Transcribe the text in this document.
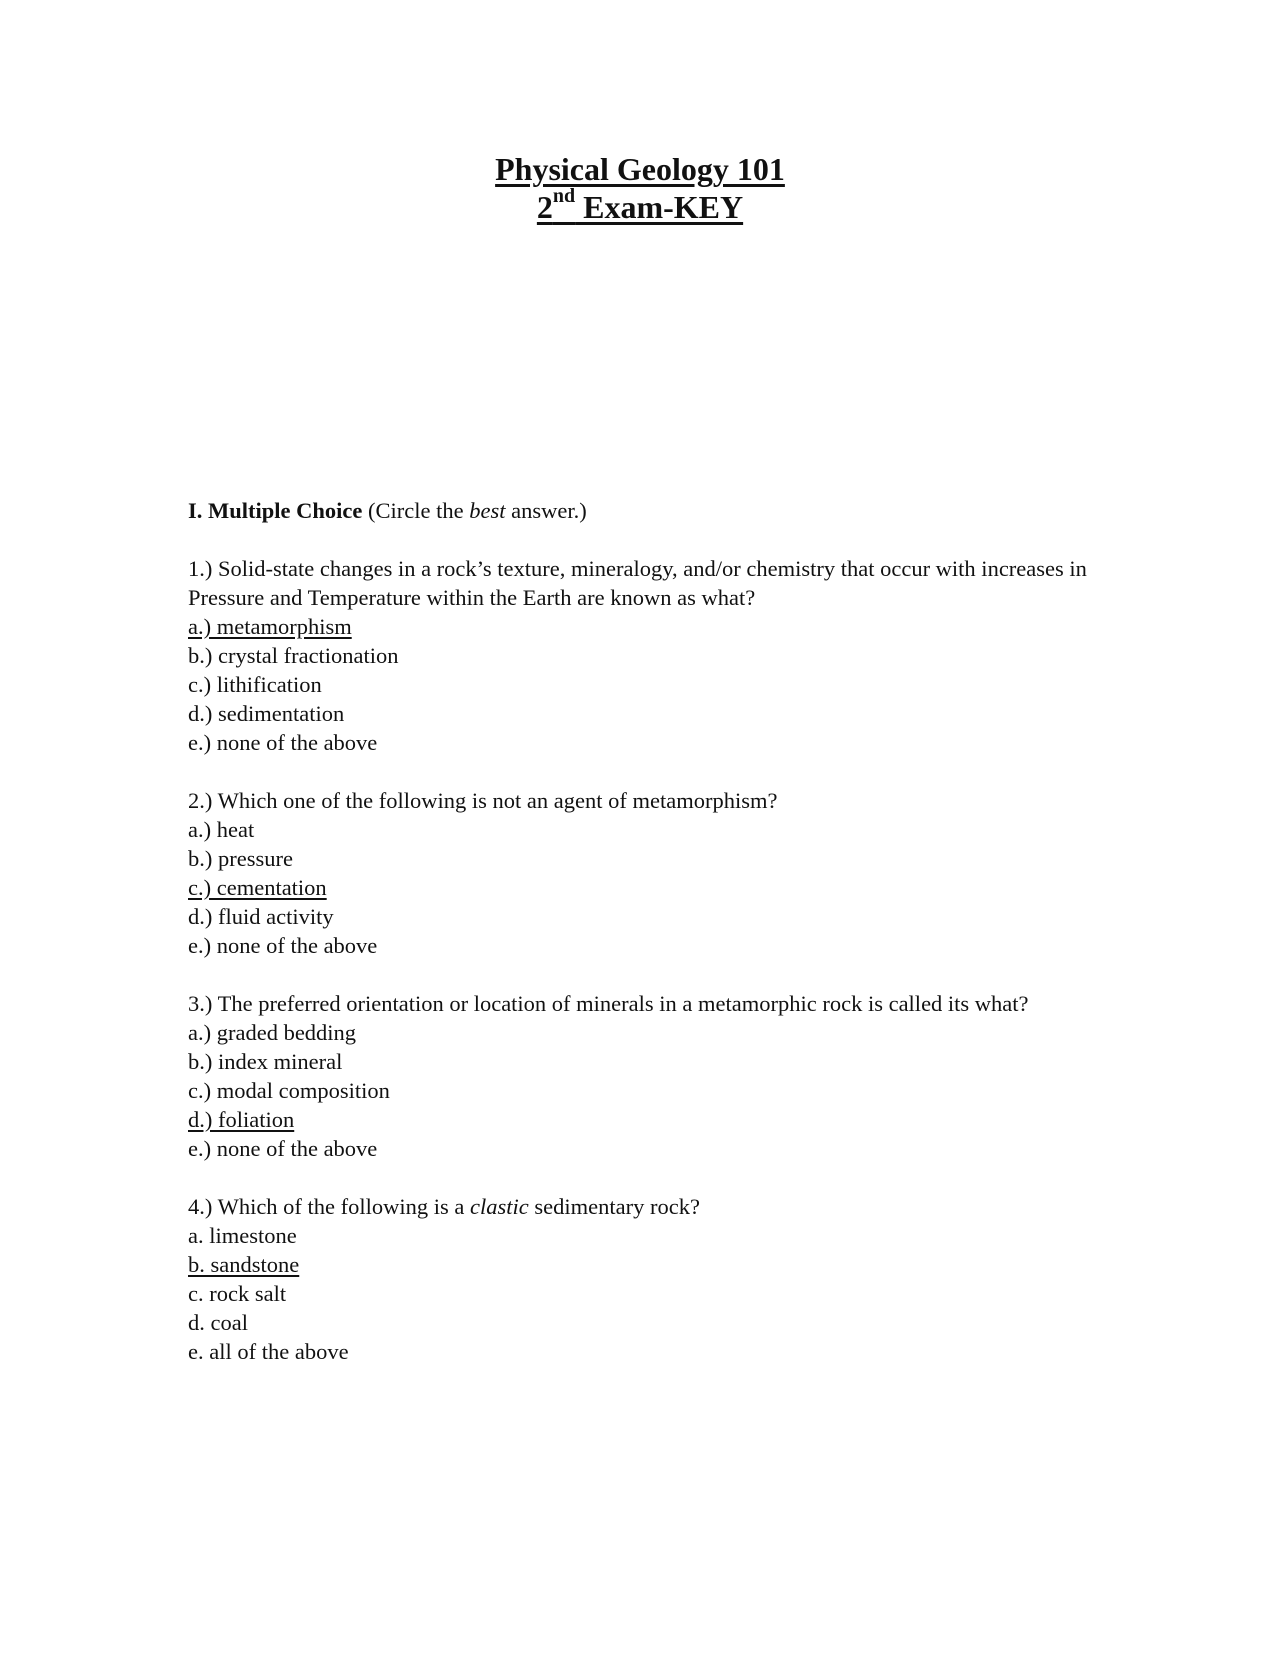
Physical Geology 101
2nd Exam-KEY
I. Multiple Choice (Circle the best answer.)
1.) Solid-state changes in a rock’s texture, mineralogy, and/or chemistry that occur with increases in Pressure and Temperature within the Earth are known as what?
a.) metamorphism
b.) crystal fractionation
c.) lithification
d.) sedimentation
e.) none of the above
2.) Which one of the following is not an agent of metamorphism?
a.) heat
b.) pressure
c.) cementation
d.) fluid activity
e.) none of the above
3.) The preferred orientation or location of minerals in a metamorphic rock is called its what?
a.) graded bedding
b.) index mineral
c.) modal composition
d.) foliation
e.) none of the above
4.) Which of the following is a clastic sedimentary rock?
a. limestone
b. sandstone
c. rock salt
d. coal
e. all of the above
